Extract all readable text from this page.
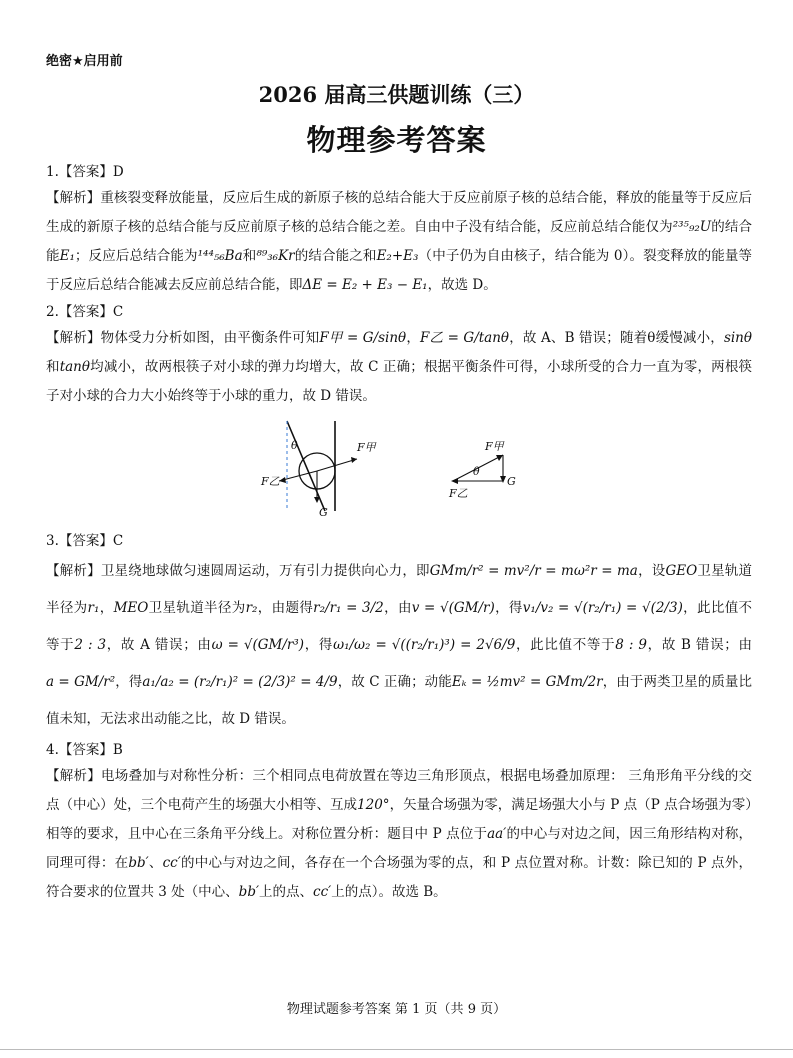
绝密★启用前
2026 届高三供题训练（三）
物理参考答案

1.【答案】D

【解析】重核裂变释放能量，反应后生成的新原子核的总结合能大于反应前原子核的总结合能，释放的能量等于反应后生成的新原子核的总结合能与反应前原子核的总结合能之差。自由中子没有结合能，反应前总结合能仅为²³⁵₉₂U的结合能E₁；反应后总结合能为¹⁴⁴₅₆Ba和⁸⁹₃₆Kr的结合能之和E₂+E₃（中子仍为自由核子，结合能为 0）。裂变释放的能量等于反应后总结合能减去反应前总结合能，即ΔE = E₂ + E₃ − E₁，故选 D。

2.【答案】C

【解析】物体受力分析如图，由平衡条件可知F甲 = G/sinθ，F乙 = G/tanθ，故 A、B 错误；随着θ缓慢减小，sinθ和tanθ均减小，故两根筷子对小球的弹力均增大，故 C 正确；根据平衡条件可得，小球所受的合力一直为零，两根筷子对小球的合力大小始终等于小球的重力，故 D 错误。

F甲
F乙
G
θ	F甲
G
F乙
θ

3.【答案】C

【解析】卫星绕地球做匀速圆周运动，万有引力提供向心力，即GMm/r² = mv²/r = mω²r = ma，设GEO卫星轨道半径为r₁，MEO卫星轨道半径为r₂，由题得r₂/r₁ = 3/2，由v = √(GM/r)，得v₁/v₂ = √(r₂/r₁) = √(2/3)，此比值不等于2 : 3，故 A 错误；由ω = √(GM/r³)，得ω₁/ω₂ = √((r₂/r₁)³) = 2√6/9，此比值不等于8 : 9，故 B 错误；由a = GM/r²，得a₁/a₂ = (r₂/r₁)² = (2/3)² = 4/9，故 C 正确；动能Eₖ = ½mv² = GMm/2r，由于两类卫星的质量比值未知，无法求出动能之比，故 D 错误。

4.【答案】B

【解析】电场叠加与对称性分析：三个相同点电荷放置在等边三角形顶点，根据电场叠加原理： 三角形角平分线的交点（中心）处，三个电荷产生的场强大小相等、互成120°，矢量合场强为零，满足场强大小与 P 点（P 点合场强为零）相等的要求，且中心在三条角平分线上。对称位置分析：题目中 P 点位于aa′的中心与对边之间，因三角形结构对称，同理可得：在bb′、cc′的中心与对边之间，各存在一个合场强为零的点，和 P 点位置对称。计数：除已知的 P 点外，符合要求的位置共 3 处（中心、bb′上的点、cc′上的点）。故选 B。

物理试题参考答案 第 1 页（共 9 页）
